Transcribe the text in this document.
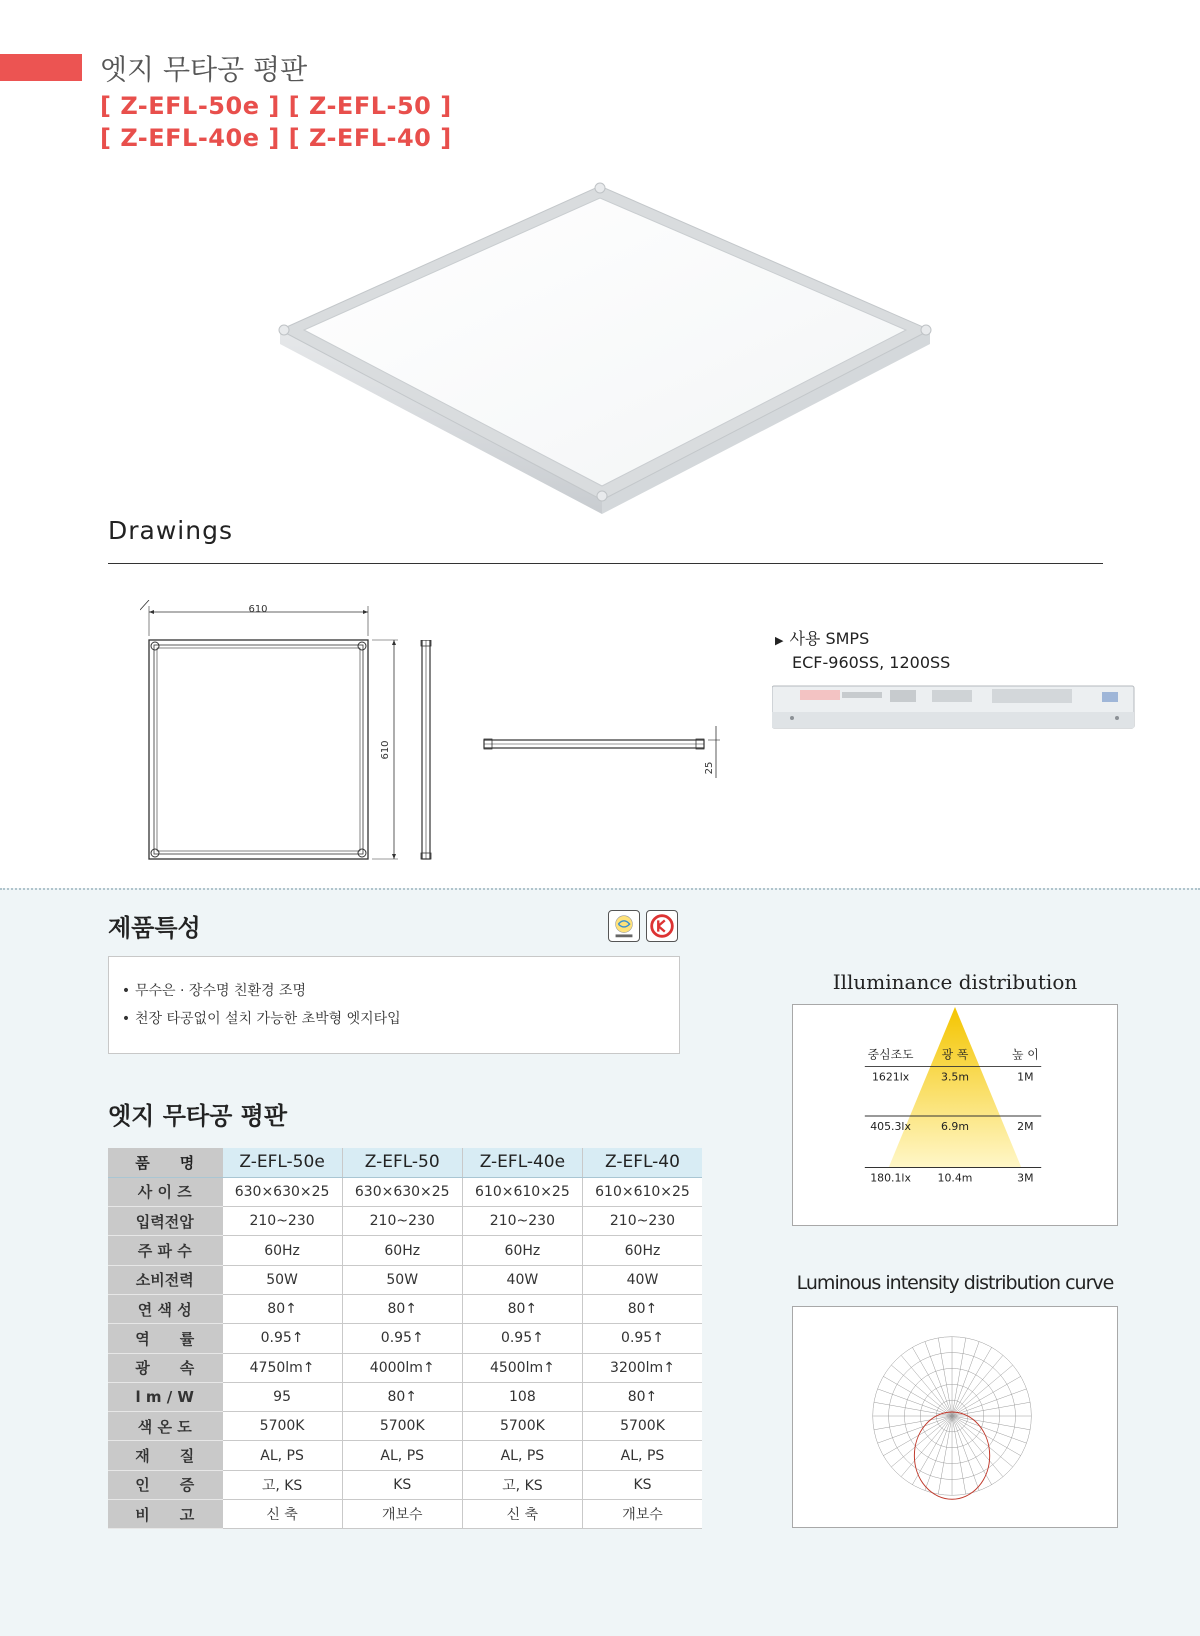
엣지 무타공 평판
[ Z-EFL-50e ] [ Z-EFL-50 ]
[ Z-EFL-40e ] [ Z-EFL-40 ]
Drawings
610
610
25
▶ 사용 SMPS
ECF-960SS, 1200SS
제품특성
• 무수은 · 장수명 친환경 조명
• 천장 타공없이 설치 가능한 초박형 엣지타입
엣지 무타공 평판
품　　명	Z-EFL-50e	Z-EFL-50	Z-EFL-40e	Z-EFL-40
사 이 즈	630×630×25	630×630×25	610×610×25	610×610×25
입력전압	210~230	210~230	210~230	210~230
주 파 수	60Hz	60Hz	60Hz	60Hz
소비전력	50W	50W	40W	40W
연 색 성	80↑	80↑	80↑	80↑
역　　률	0.95↑	0.95↑	0.95↑	0.95↑
광　　속	4750lm↑	4000lm↑	4500lm↑	3200lm↑
l m / W	95	80↑	108	80↑
색 온 도	5700K	5700K	5700K	5700K
재　　질	AL, PS	AL, PS	AL, PS	AL, PS
인　　증	고, KS	KS	고, KS	KS
비　　고	신 축	개보수	신 축	개보수
Illuminance distribution
중심조도 광 폭	높 이
1621lx	3.5m	1M
405.3lx	6.9m	2M
180.1lx 10.4m	3M
Luminous intensity distribution curve
